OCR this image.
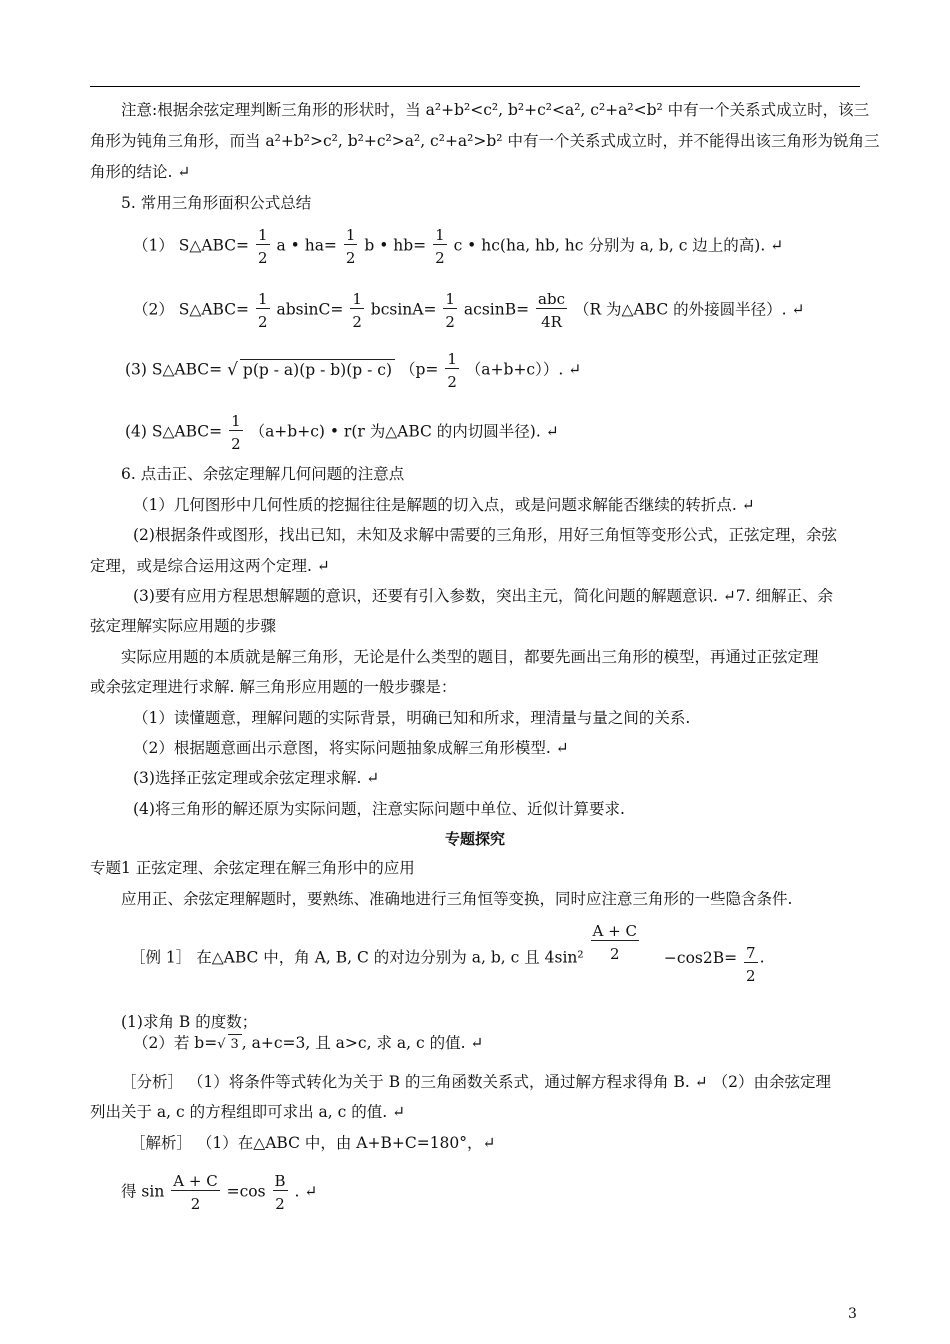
注意:根据余弦定理判断三角形的形状时，当 a²+b²<c², b²+c²<a², c²+a²<b² 中有一个关系式成立时，该三
角形为钝角三角形，而当 a²+b²>c², b²+c²>a², c²+a²>b² 中有一个关系式成立时，并不能得出该三角形为锐角三
角形的结论. ↵
5. 常用三角形面积公式总结
（1） S△ABC= $\frac{1}{2}$ a • $ha= \frac{1}{2}$ b • $hb= \frac{1}{2}$ c • hc(ha, hb, hc 分别为 a, b, c 边上的高). ↵
（2） S△ABC= $\frac{1}{2} absinC= \frac{1}{2} bcsinA= \frac{1}{2} acsinB= \frac{\text{abc}}{4R} (R$ 为△ABC 的外接圆半径）. ↵
(3) S△ABC= √ p(p - a)(p - b)(p - c) $(p= \frac{1}{2} (a+b+c))$. ↵
(4) S△ABC= $\frac{1}{2} (a+b+c)$ • r(r 为△ABC 的内切圆半径). ↵
6. 点击正、余弦定理解几何问题的注意点
（1）几何图形中几何性质的挖掘往往是解题的切入点，或是问题求解能否继续的转折点. ↵
(2)根据条件或图形，找出已知，未知及求解中需要的三角形，用好三角恒等变形公式，正弦定理，余弦
定理，或是综合运用这两个定理. ↵
(3)要有应用方程思想解题的意识，还要有引入参数，突出主元，简化问题的解题意识. ↵7. 细解正、余
弦定理解实际应用题的步骤
实际应用题的本质就是解三角形，无论是什么类型的题目，都要先画出三角形的模型，再通过正弦定理
或余弦定理进行求解. 解三角形应用题的一般步骤是：
（1）读懂题意，理解问题的实际背景，明确已知和所求，理清量与量之间的关系.
（2）根据题意画出示意图，将实际问题抽象成解三角形模型. ↵
(3)选择正弦定理或余弦定理求解. ↵
(4)将三角形的解还原为实际问题，注意实际问题中单位、近似计算要求.
专题探究
专题1 正弦定理、余弦定理在解三角形中的应用
应用正、余弦定理解题时，要熟练、准确地进行三角恒等变换，同时应注意三角形的一些隐含条件.
［例 1］ 在△ABC 中，角 A, B, C 的对边分别为 a, b, c 且 $4\sin^2 \frac{A + C}{2} -\cos 2B= \frac{7}{2}$ .
(1)求角 B 的度数；
（2）若 b=√ 3 , a+c=3, 且 a>c, 求 a, c 的值. ↵
［分析］ （1）将条件等式转化为关于 B 的三角函数关系式，通过解方程求得角 B. ↵ （2）由余弦定理
列出关于 a, c 的方程组即可求出 a, c 的值. ↵
［解析］ （1）在△ABC 中，由 A+B+C=180°，↵
得 $\sin \frac{A + C}{2} =\cos \frac{B}{2}$ . ↵
3
